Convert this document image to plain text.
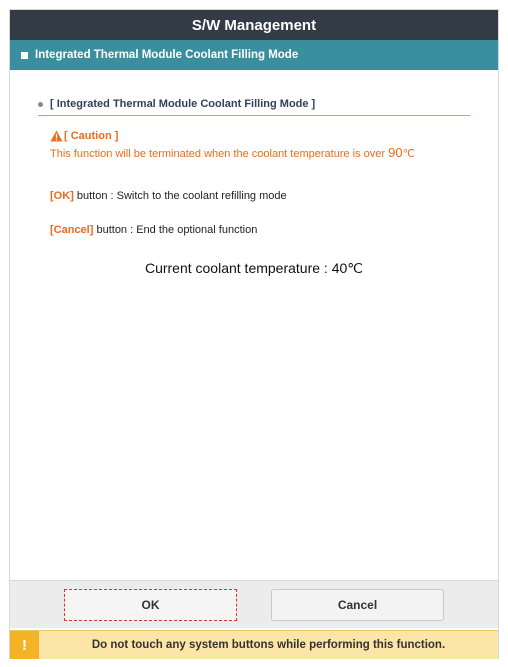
S/W Management
Integrated Thermal Module Coolant Filling Mode
[ Integrated Thermal Module Coolant Filling Mode ]
[ Caution ]
This function will be terminated when the coolant temperature is over 90℃
[OK] button : Switch to the coolant refilling mode
[Cancel] button : End the optional function
Current coolant temperature : 40℃
OK	Cancel
!	Do not touch any system buttons while performing this function.
